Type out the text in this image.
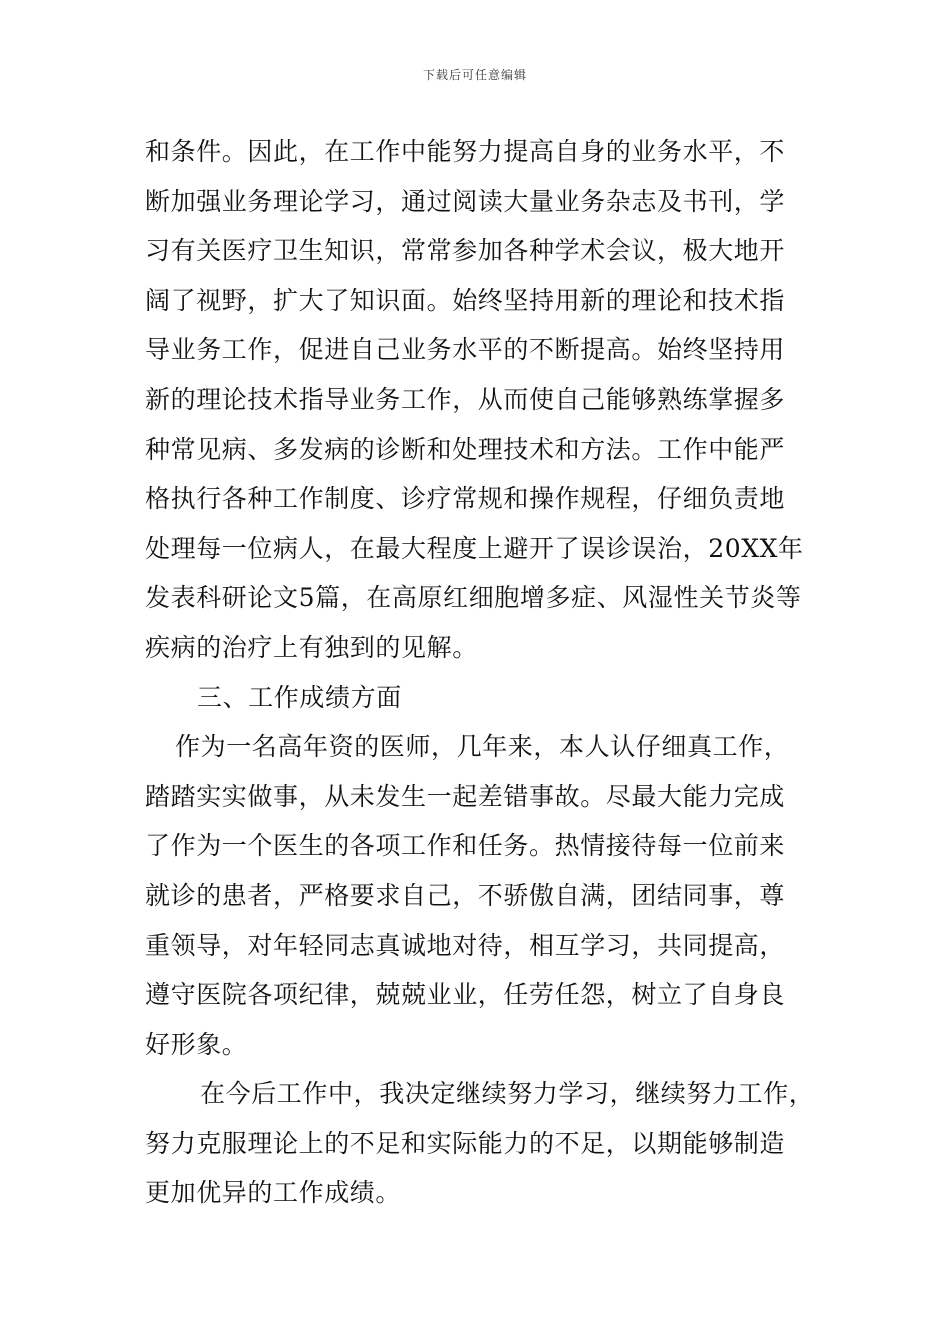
下载后可任意编辑
和条件。因此，在工作中能努力提高自身的业务水平，不
断加强业务理论学习，通过阅读大量业务杂志及书刊，学
习有关医疗卫生知识，常常参加各种学术会议，极大地开
阔了视野，扩大了知识面。始终坚持用新的理论和技术指
导业务工作，促进自己业务水平的不断提高。始终坚持用
新的理论技术指导业务工作，从而使自己能够熟练掌握多
种常见病、多发病的诊断和处理技术和方法。工作中能严
格执行各种工作制度、诊疗常规和操作规程，仔细负责地
处理每一位病人，在最大程度上避开了误诊误治，20XX年
发表科研论文5篇，在高原红细胞增多症、风湿性关节炎等
疾病的治疗上有独到的见解。
三、工作成绩方面
作为一名高年资的医师，几年来，本人认仔细真工作，
踏踏实实做事，从未发生一起差错事故。尽最大能力完成
了作为一个医生的各项工作和任务。热情接待每一位前来
就诊的患者，严格要求自己，不骄傲自满，团结同事，尊
重领导，对年轻同志真诚地对待，相互学习，共同提高，
遵守医院各项纪律，兢兢业业，任劳任怨，树立了自身良
好形象。
在今后工作中，我决定继续努力学习，继续努力工作，
努力克服理论上的不足和实际能力的不足，以期能够制造
更加优异的工作成绩。
